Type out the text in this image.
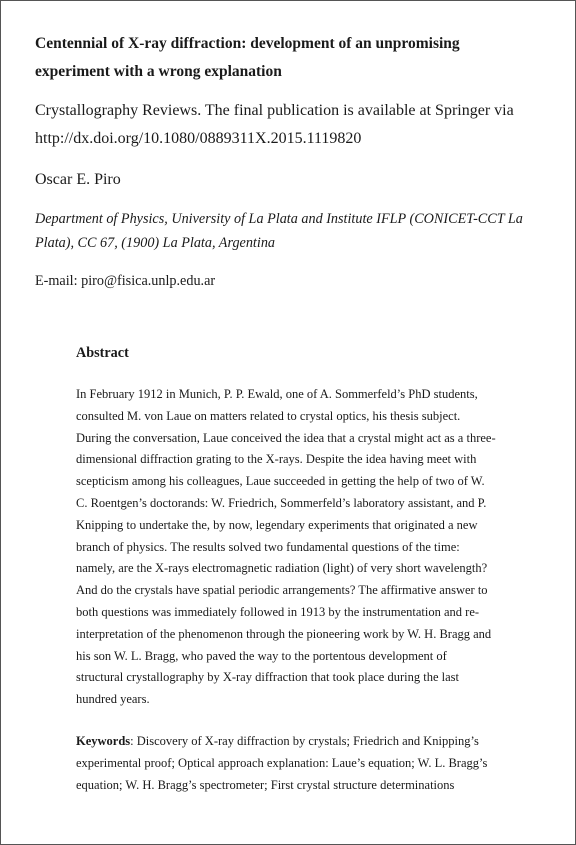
Centennial of X-ray diffraction: development of an unpromising experiment with a wrong explanation

Crystallography Reviews. The final publication is available at Springer via http://dx.doi.org/10.1080/0889311X.2015.1119820

Oscar E. Piro

Department of Physics, University of La Plata and Institute IFLP (CONICET-CCT La Plata), CC 67, (1900) La Plata, Argentina

E-mail: piro@fisica.unlp.edu.ar

Abstract

In February 1912 in Munich, P. P. Ewald, one of A. Sommerfeld’s PhD students, consulted M. von Laue on matters related to crystal optics, his thesis subject. During the conversation, Laue conceived the idea that a crystal might act as a three-dimensional diffraction grating to the X-rays. Despite the idea having meet with scepticism among his colleagues, Laue succeeded in getting the help of two of W. C. Roentgen’s doctorands: W. Friedrich, Sommerfeld’s laboratory assistant, and P. Knipping to undertake the, by now, legendary experiments that originated a new branch of physics. The results solved two fundamental questions of the time: namely, are the X-rays electromagnetic radiation (light) of very short wavelength? And do the crystals have spatial periodic arrangements? The affirmative answer to both questions was immediately followed in 1913 by the instrumentation and re-interpretation of the phenomenon through the pioneering work by W. H. Bragg and his son W. L. Bragg, who paved the way to the portentous development of structural crystallography by X-ray diffraction that took place during the last hundred years.

Keywords: Discovery of X-ray diffraction by crystals; Friedrich and Knipping’s experimental proof; Optical approach explanation: Laue’s equation; W. L. Bragg’s equation; W. H. Bragg’s spectrometer; First crystal structure determinations
